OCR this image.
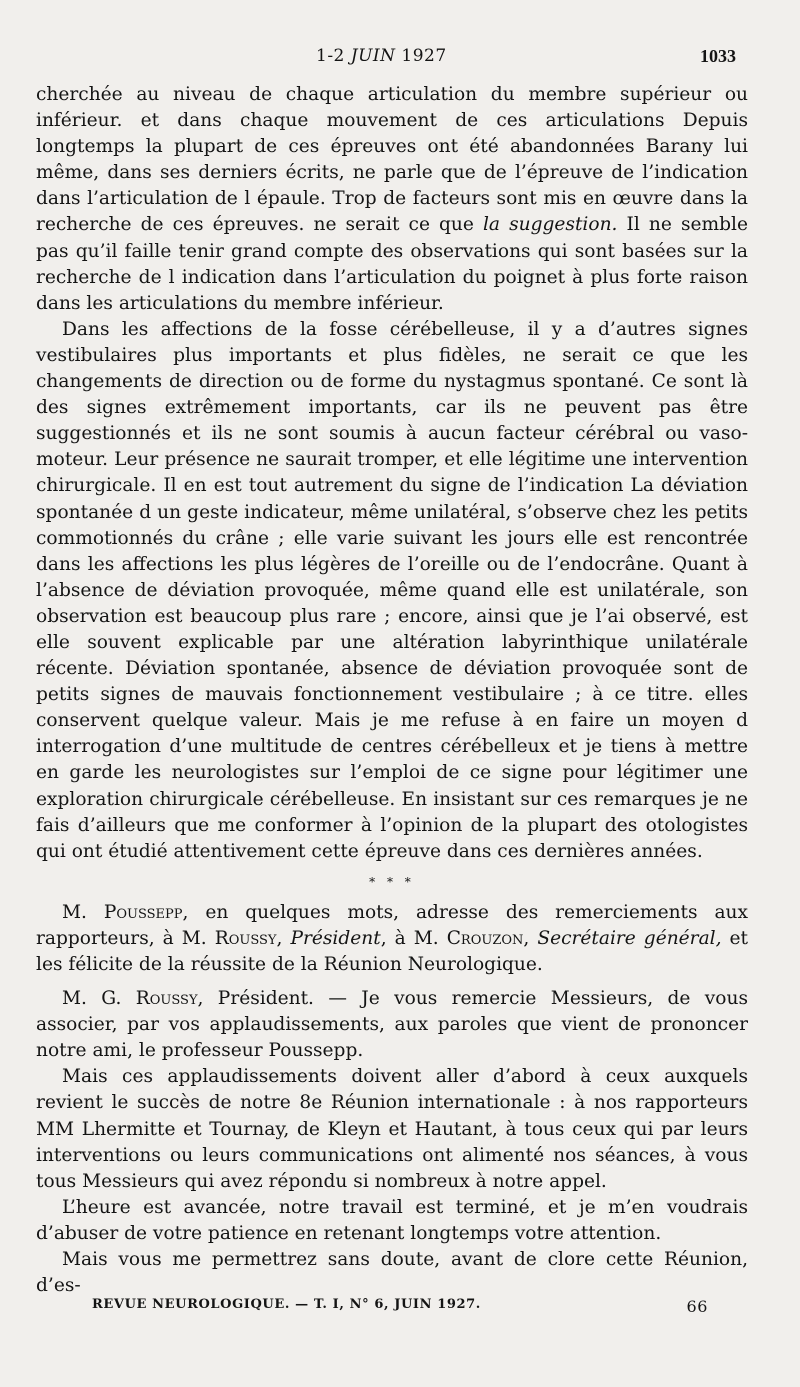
1-2 JUIN 1927	1033

cherchée au niveau de chaque articulation du membre supérieur ou inférieur. et dans chaque mouvement de ces articulations Depuis longtemps la plupart de ces épreuves ont été abandonnées Barany lui même, dans ses derniers écrits, ne parle que de l’épreuve de l’indication dans l’articulation de l épaule. Trop de facteurs sont mis en œuvre dans la recherche de ces épreuves. ne serait ce que la suggestion. Il ne semble pas qu’il faille tenir grand compte des observations qui sont basées sur la recherche de l indication dans l’articulation du poignet à plus forte raison dans les articulations du membre inférieur.

Dans les affections de la fosse cérébelleuse, il y a d’autres signes vestibulaires plus importants et plus fidèles, ne serait ce que les changements de direction ou de forme du nystagmus spontané. Ce sont là des signes extrêmement importants, car ils ne peuvent pas être suggestionnés et ils ne sont soumis à aucun facteur cérébral ou vaso-moteur. Leur présence ne saurait tromper, et elle légitime une intervention chirurgicale. Il en est tout autrement du signe de l’indication La déviation spontanée d un geste indicateur, même unilatéral, s’observe chez les petits commotionnés du crâne ; elle varie suivant les jours elle est rencontrée dans les affections les plus légères de l’oreille ou de l’endocrâne. Quant à l’absence de déviation provoquée, même quand elle est unilatérale, son observation est beaucoup plus rare ; encore, ainsi que je l’ai observé, est elle souvent explicable par une altération labyrinthique unilatérale récente. Déviation spontanée, absence de déviation provoquée sont de petits signes de mauvais fonctionnement vestibulaire ; à ce titre. elles conservent quelque valeur. Mais je me refuse à en faire un moyen d interrogation d’une multitude de centres cérébelleux et je tiens à mettre en garde les neurologistes sur l’emploi de ce signe pour légitimer une exploration chirurgicale cérébelleuse. En insistant sur ces remarques je ne fais d’ailleurs que me conformer à l’opinion de la plupart des otologistes qui ont étudié attentivement cette épreuve dans ces dernières années.

* * *

M. Poussepp, en quelques mots, adresse des remerciements aux rapporteurs, à M. Roussy, Président, à M. Crouzon, Secrétaire général, et les félicite de la réussite de la Réunion Neurologique.

M. G. Roussy, Président. — Je vous remercie Messieurs, de vous associer, par vos applaudissements, aux paroles que vient de prononcer notre ami, le professeur Poussepp.

Mais ces applaudissements doivent aller d’abord à ceux auxquels revient le succès de notre 8e Réunion internationale : à nos rapporteurs MM Lhermitte et Tournay, de Kleyn et Hautant, à tous ceux qui par leurs interventions ou leurs communications ont alimenté nos séances, à vous tous Messieurs qui avez répondu si nombreux à notre appel.

L’heure est avancée, notre travail est terminé, et je m’en voudrais d’abuser de votre patience en retenant longtemps votre attention.

Mais vous me permettrez sans doute, avant de clore cette Réunion, d’es-

REVUE NEUROLOGIQUE. — T. I, N° 6, JUIN 1927.	66
